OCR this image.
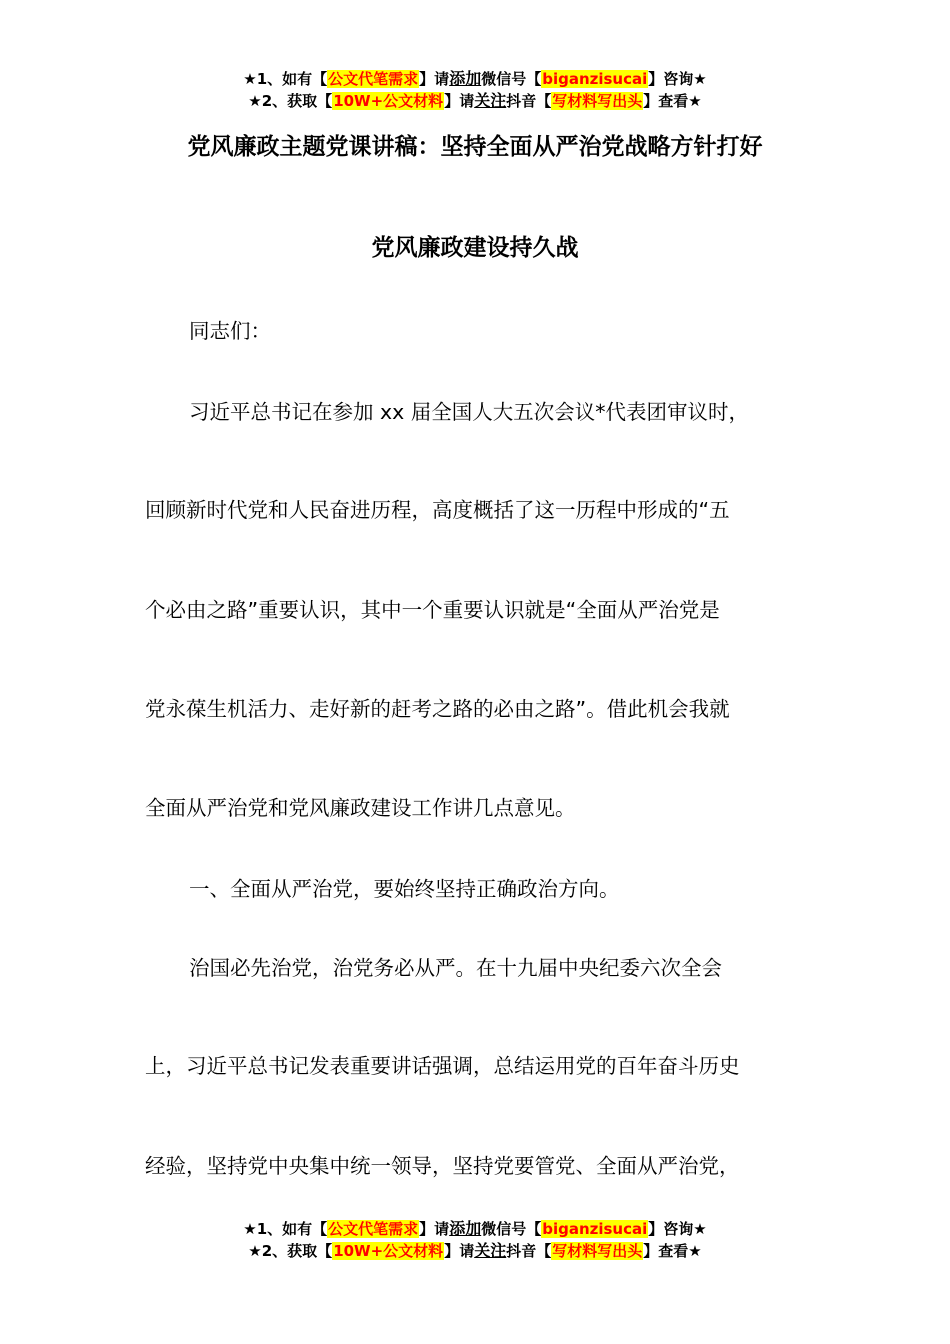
★1、如有【公文代笔需求】请添加微信号【biganzisucai】咨询★
★2、获取【10W+公文材料】请关注抖音【写材料写出头】查看★
党风廉政主题党课讲稿：坚持全面从严治党战略方针打好
党风廉政建设持久战
同志们：
习近平总书记在参加 xx 届全国人大五次会议*代表团审议时，
回顾新时代党和人民奋进历程，高度概括了这一历程中形成的“五
个必由之路”重要认识，其中一个重要认识就是“全面从严治党是
党永葆生机活力、走好新的赶考之路的必由之路”。借此机会我就
全面从严治党和党风廉政建设工作讲几点意见。
一、全面从严治党，要始终坚持正确政治方向。
治国必先治党，治党务必从严。在十九届中央纪委六次全会
上，习近平总书记发表重要讲话强调，总结运用党的百年奋斗历史
经验，坚持党中央集中统一领导，坚持党要管党、全面从严治党，
★1、如有【公文代笔需求】请添加微信号【biganzisucai】咨询★
★2、获取【10W+公文材料】请关注抖音【写材料写出头】查看★
